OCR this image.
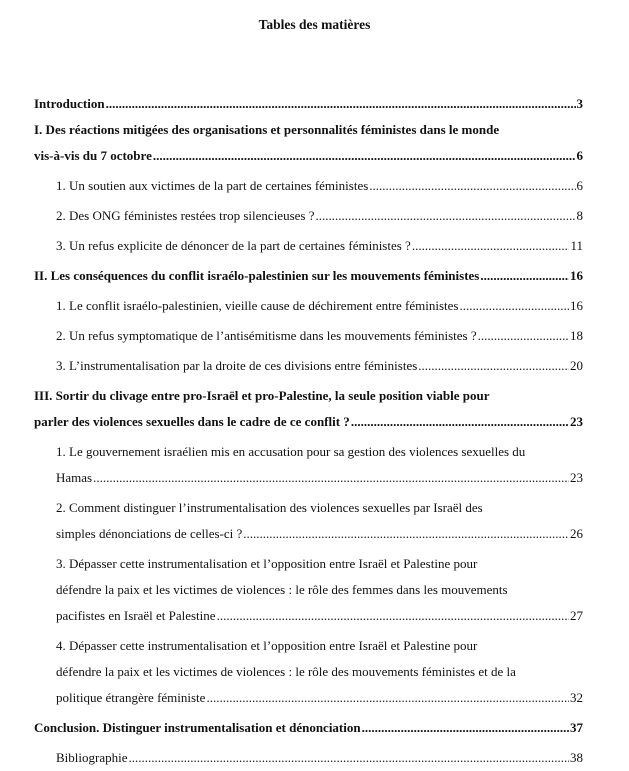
Tables des matières
Introduction .....	3
I. Des réactions mitigées des organisations et personnalités féministes dans le monde
vis-à-vis du 7 octobre .....	6
1. Un soutien aux victimes de la part de certaines féministes .....	6
2. Des ONG féministes restées trop silencieuses ? .....	8
3. Un refus explicite de dénoncer de la part de certaines féministes ? .....	11
II. Les conséquences du conflit israélo-palestinien sur les mouvements féministes .....	16
1. Le conflit israélo-palestinien, vieille cause de déchirement entre féministes .....	16
2. Un refus symptomatique de l’antisémitisme dans les mouvements féministes ? .....	18
3. L’instrumentalisation par la droite de ces divisions entre féministes .....	20
III. Sortir du clivage entre pro-Israël et pro-Palestine, la seule position viable pour
parler des violences sexuelles dans le cadre de ce conflit ? .....	23
1. Le gouvernement israélien mis en accusation pour sa gestion des violences sexuelles du
Hamas .....	23
2. Comment distinguer l’instrumentalisation des violences sexuelles par Israël des
simples dénonciations de celles-ci ? .....	26
3. Dépasser cette instrumentalisation et l’opposition entre Israël et Palestine pour
défendre la paix et les victimes de violences : le rôle des femmes dans les mouvements
pacifistes en Israël et Palestine .....	27
4. Dépasser cette instrumentalisation et l’opposition entre Israël et Palestine pour
défendre la paix et les victimes de violences : le rôle des mouvements féministes et de la
politique étrangère féministe .....	32
Conclusion. Distinguer instrumentalisation et dénonciation .....	37
Bibliographie .....	38
